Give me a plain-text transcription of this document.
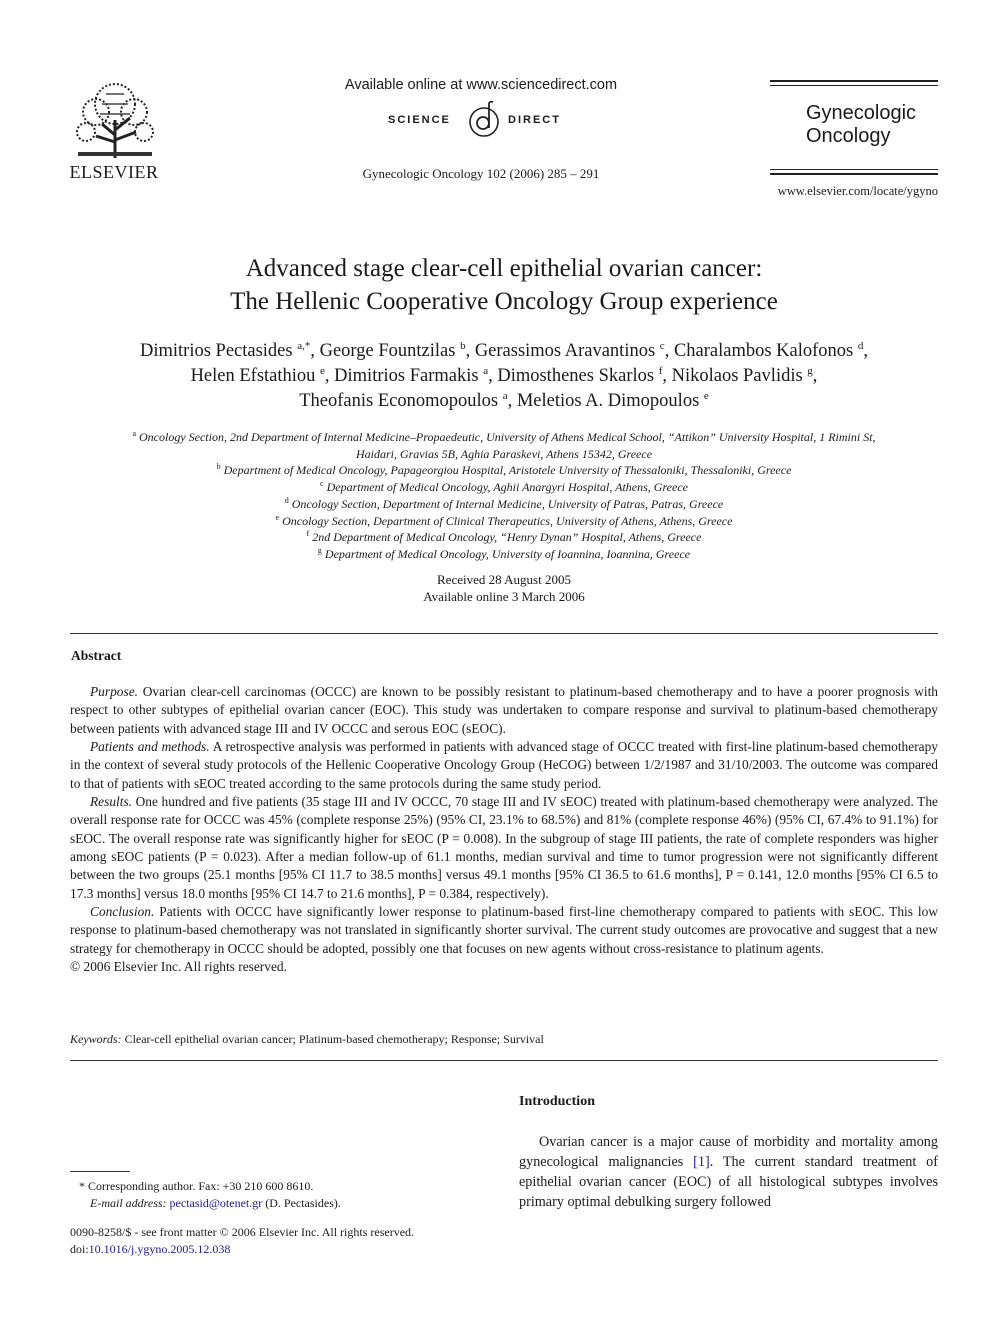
ELSEVIER
Available online at www.sciencedirect.com
SCIENCE	DIRECT
Gynecologic Oncology 102 (2006) 285 – 291
Gynecologic
Oncology
www.elsevier.com/locate/ygyno
Advanced stage clear-cell epithelial ovarian cancer:
The Hellenic Cooperative Oncology Group experience
Dimitrios Pectasides $^{a,*}$, George Fountzilas $^b$, Gerassimos Aravantinos $^c$, Charalambos Kalofonos $^d$,
Helen Efstathiou $^e$, Dimitrios Farmakis $^a$, Dimosthenes Skarlos $^f$, Nikolaos Pavlidis $^g$,
Theofanis Economopoulos $^a$, Meletios A. Dimopoulos $^e$
$^a$ Oncology Section, 2nd Department of Internal Medicine–Propaedeutic, University of Athens Medical School, “Attikon” University Hospital, 1 Rimini St,
Haidari, Gravias 5B, Aghia Paraskevi, Athens 15342, Greece
$^b$ Department of Medical Oncology, Papageorgiou Hospital, Aristotele University of Thessaloniki, Thessaloniki, Greece
$^c$ Department of Medical Oncology, Aghii Anargyri Hospital, Athens, Greece
$^d$ Oncology Section, Department of Internal Medicine, University of Patras, Patras, Greece
$^e$ Oncology Section, Department of Clinical Therapeutics, University of Athens, Athens, Greece
$^f$ 2nd Department of Medical Oncology, “Henry Dynan” Hospital, Athens, Greece
$^g$ Department of Medical Oncology, University of Ioannina, Ioannina, Greece
Received 28 August 2005
Available online 3 March 2006
Abstract

Purpose. Ovarian clear-cell carcinomas (OCCC) are known to be possibly resistant to platinum-based chemotherapy and to have a poorer prognosis with respect to other subtypes of epithelial ovarian cancer (EOC). This study was undertaken to compare response and survival to platinum-based chemotherapy between patients with advanced stage III and IV OCCC and serous EOC (sEOC).

Patients and methods. A retrospective analysis was performed in patients with advanced stage of OCCC treated with first-line platinum-based chemotherapy in the context of several study protocols of the Hellenic Cooperative Oncology Group (HeCOG) between 1/2/1987 and 31/10/2003. The outcome was compared to that of patients with sEOC treated according to the same protocols during the same study period.

Results. One hundred and five patients (35 stage III and IV OCCC, 70 stage III and IV sEOC) treated with platinum-based chemotherapy were analyzed. The overall response rate for OCCC was 45% (complete response 25%) (95% CI, 23.1% to 68.5%) and 81% (complete response 46%) (95% CI, 67.4% to 91.1%) for sEOC. The overall response rate was significantly higher for sEOC (P = 0.008). In the subgroup of stage III patients, the rate of complete responders was higher among sEOC patients (P = 0.023). After a median follow-up of 61.1 months, median survival and time to tumor progression were not significantly different between the two groups (25.1 months [95% CI 11.7 to 38.5 months] versus 49.1 months [95% CI 36.5 to 61.6 months], P = 0.141, 12.0 months [95% CI 6.5 to 17.3 months] versus 18.0 months [95% CI 14.7 to 21.6 months], P = 0.384, respectively).

Conclusion. Patients with OCCC have significantly lower response to platinum-based first-line chemotherapy compared to patients with sEOC. This low response to platinum-based chemotherapy was not translated in significantly shorter survival. The current study outcomes are provocative and suggest that a new strategy for chemotherapy in OCCC should be adopted, possibly one that focuses on new agents without cross-resistance to platinum agents.

© 2006 Elsevier Inc. All rights reserved.

Keywords: Clear-cell epithelial ovarian cancer; Platinum-based chemotherapy; Response; Survival
Introduction
Ovarian cancer is a major cause of morbidity and mortality among gynecological malignancies [1]. The current standard treatment of epithelial ovarian cancer (EOC) of all histological subtypes involves primary optimal debulking surgery followed
* Corresponding author. Fax: +30 210 600 8610.
E-mail address: pectasid@otenet.gr (D. Pectasides).
0090-8258/$ - see front matter © 2006 Elsevier Inc. All rights reserved.
doi:10.1016/j.ygyno.2005.12.038
